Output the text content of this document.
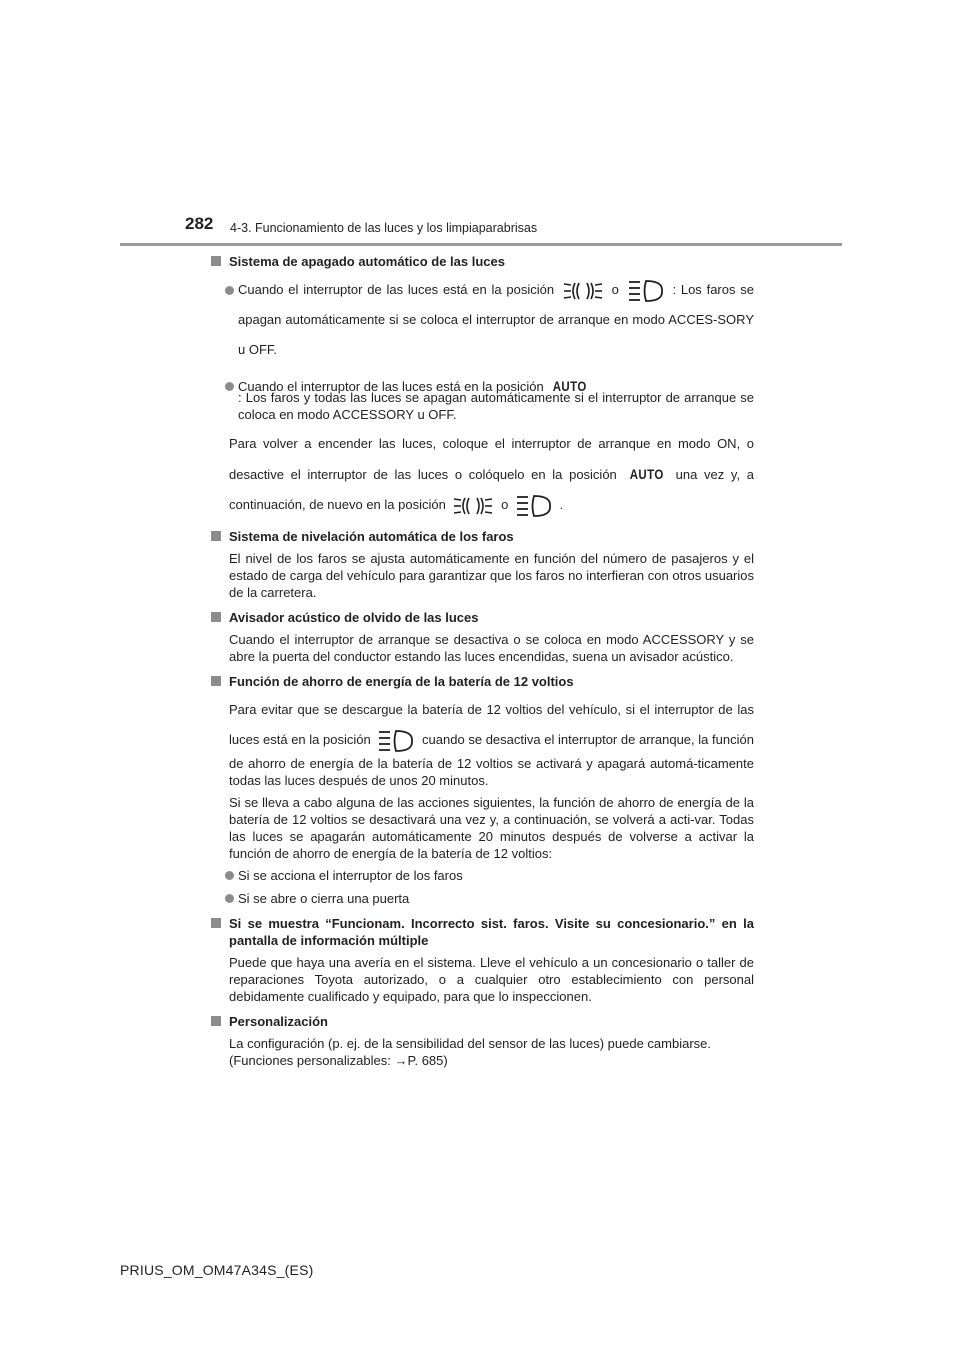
282 4-3. Funcionamiento de las luces y los limpiaparabrisas
Sistema de apagado automático de las luces
Cuando el interruptor de las luces está en la posición	o	: Los faros se apagan automáticamente si se coloca el interruptor de arranque en modo ACCES-SORY u OFF.
Cuando el interruptor de las luces está en la posición AUTO
: Los faros y todas las luces se apagan automáticamente si el interruptor de arranque se coloca en modo ACCESSORY u OFF.
Para volver a encender las luces, coloque el interruptor de arranque en modo ON, o desactive el interruptor de las luces o colóquelo en la posición AUTO una vez y, a continuación, de nuevo en la posición	o	.
Sistema de nivelación automática de los faros
El nivel de los faros se ajusta automáticamente en función del número de pasajeros y el estado de carga del vehículo para garantizar que los faros no interfieran con otros usuarios de la carretera.
Avisador acústico de olvido de las luces
Cuando el interruptor de arranque se desactiva o se coloca en modo ACCESSORY y se abre la puerta del conductor estando las luces encendidas, suena un avisador acústico.
Función de ahorro de energía de la batería de 12 voltios
Para evitar que se descargue la batería de 12 voltios del vehículo, si el interruptor de las luces está en la posición	cuando se desactiva el interruptor de arranque, la función de ahorro de energía de la batería de 12 voltios se activará y apagará automá-ticamente todas las luces después de unos 20 minutos.
Si se lleva a cabo alguna de las acciones siguientes, la función de ahorro de energía de la batería de 12 voltios se desactivará una vez y, a continuación, se volverá a acti-var. Todas las luces se apagarán automáticamente 20 minutos después de volverse a activar la función de ahorro de energía de la batería de 12 voltios:
Si se acciona el interruptor de los faros
Si se abre o cierra una puerta
Si se muestra “Funcionam. Incorrecto sist. faros. Visite su concesionario.” en la pantalla de información múltiple
Puede que haya una avería en el sistema. Lleve el vehículo a un concesionario o taller de reparaciones Toyota autorizado, o a cualquier otro establecimiento con personal debidamente cualificado y equipado, para que lo inspeccionen.
Personalización
La configuración (p. ej. de la sensibilidad del sensor de las luces) puede cambiarse.
(Funciones personalizables: →P. 685)
PRIUS_OM_OM47A34S_(ES)
